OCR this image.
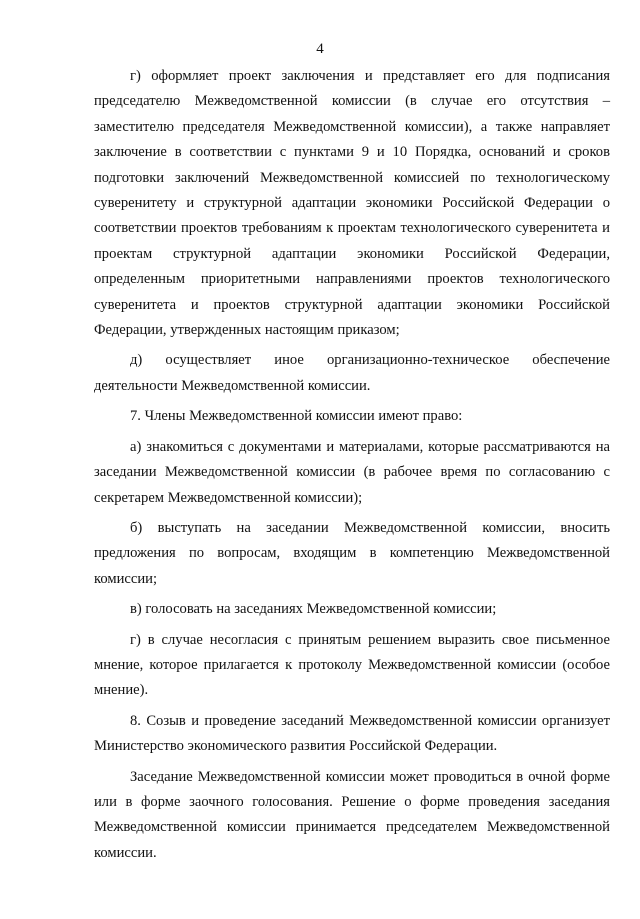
4

г) оформляет проект заключения и представляет его для подписания председателю Межведомственной комиссии (в случае его отсутствия – заместителю председателя Межведомственной комиссии), а также направляет заключение в соответствии с пунктами 9 и 10 Порядка, оснований и сроков подготовки заключений Межведомственной комиссией по технологическому суверенитету и структурной адаптации экономики Российской Федерации о соответствии проектов требованиям к проектам технологического суверенитета и проектам структурной адаптации экономики Российской Федерации, определенным приоритетными направлениями проектов технологического суверенитета и проектов структурной адаптации экономики Российской Федерации, утвержденных настоящим приказом;

д) осуществляет иное организационно-техническое обеспечение деятельности Межведомственной комиссии.

7. Члены Межведомственной комиссии имеют право:

а) знакомиться с документами и материалами, которые рассматриваются на заседании Межведомственной комиссии (в рабочее время по согласованию с секретарем Межведомственной комиссии);

б) выступать на заседании Межведомственной комиссии, вносить предложения по вопросам, входящим в компетенцию Межведомственной комиссии;

в) голосовать на заседаниях Межведомственной комиссии;

г) в случае несогласия с принятым решением выразить свое письменное мнение, которое прилагается к протоколу Межведомственной комиссии (особое мнение).

8. Созыв и проведение заседаний Межведомственной комиссии организует Министерство экономического развития Российской Федерации.

Заседание Межведомственной комиссии может проводиться в очной форме или в форме заочного голосования. Решение о форме проведения заседания Межведомственной комиссии принимается председателем Межведомственной комиссии.
